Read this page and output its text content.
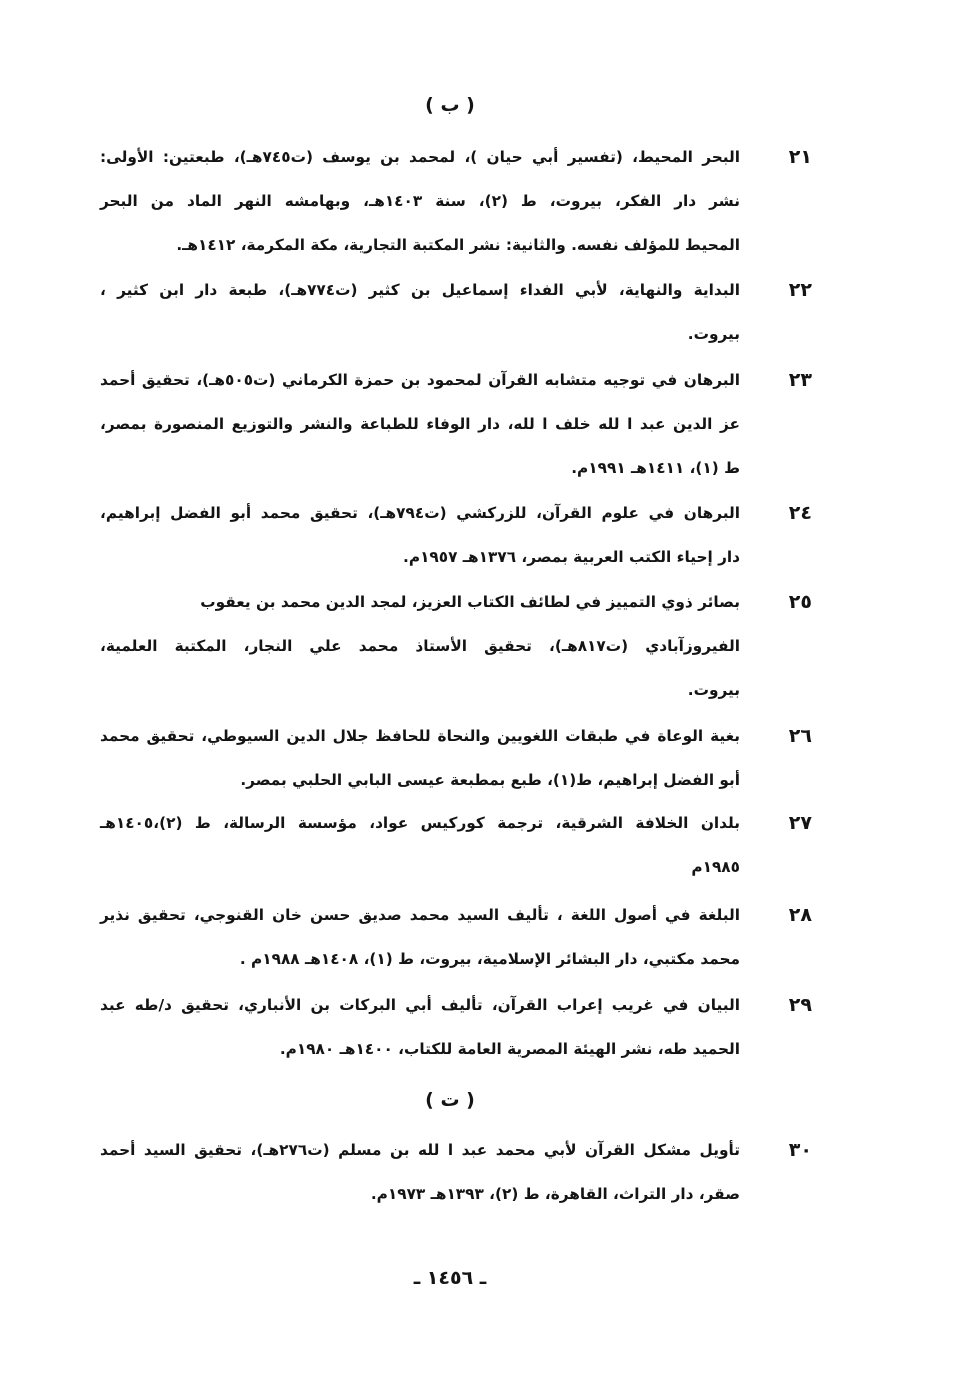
( ب )
٢١
البحر المحيط، (تفسير أبي حيان )، لمحمد بن يوسف (ت٧٤٥هـ)، طبعتين: الأولى:
نشر دار الفكر، بيروت، ط (٢)، سنة ١٤٠٣هـ، وبهامشه النهر الماد من البحر
المحيط للمؤلف نفسه. والثانية: نشر المكتبة التجارية، مكة المكرمة، ١٤١٢هـ.
٢٢
البداية والنهاية، لأبي الفداء إسماعيل بن كثير (ت٧٧٤هـ)، طبعة دار ابن كثير ،
بيروت.
٢٣
البرهان في توجيه متشابه القرآن لمحمود بن حمزة الكرماني (ت٥٠٥هـ)، تحقيق أحمد
عز الدين عبد ا لله خلف ا لله، دار الوفاء للطباعة والنشر والتوزيع المنصورة بمصر،
ط (١)، ١٤١١هـ ١٩٩١م.
٢٤
البرهان في علوم القرآن، للزركشي (ت٧٩٤هـ)، تحقيق محمد أبو الفضل إبراهيم،
دار إحياء الكتب العربية بمصر، ١٣٧٦هـ ١٩٥٧م.
٢٥
بصائر ذوي التمييز في لطائف الكتاب العزيز، لمجد الدين محمد بن يعقوب
الفيروزآبادي (ت٨١٧هـ)، تحقيق الأستاذ محمد علي النجار، المكتبة العلمية،
بيروت.
٢٦
بغية الوعاة في طبقات اللغويين والنحاة للحافظ جلال الدين السيوطي، تحقيق محمد
أبو الفضل إبراهيم، ط(١)، طبع بمطبعة عيسى البابي الحلبي بمصر.
٢٧
بلدان الخلافة الشرقية، ترجمة كوركيس عواد، مؤسسة الرسالة، ط (٢)،١٤٠٥هـ
١٩٨٥م
٢٨
البلغة في أصول اللغة ، تأليف السيد محمد صديق حسن خان القنوجي، تحقيق نذير
محمد مكتبي، دار البشائر الإسلامية، بيروت، ط (١)، ١٤٠٨هـ ١٩٨٨م .
٢٩
البيان في غريب إعراب القرآن، تأليف أبي البركات بن الأنباري، تحقيق د/طه عبد
الحميد طه، نشر الهيئة المصرية العامة للكتاب، ١٤٠٠هـ ١٩٨٠م.
( ت )
٣٠
تأويل مشكل القرآن لأبي محمد عبد ا لله بن مسلم (ت٢٧٦هـ)، تحقيق السيد أحمد
صقر، دار التراث، القاهرة، ط (٢)، ١٣٩٣هـ ١٩٧٣م.
ـ ١٤٥٦ ـ
